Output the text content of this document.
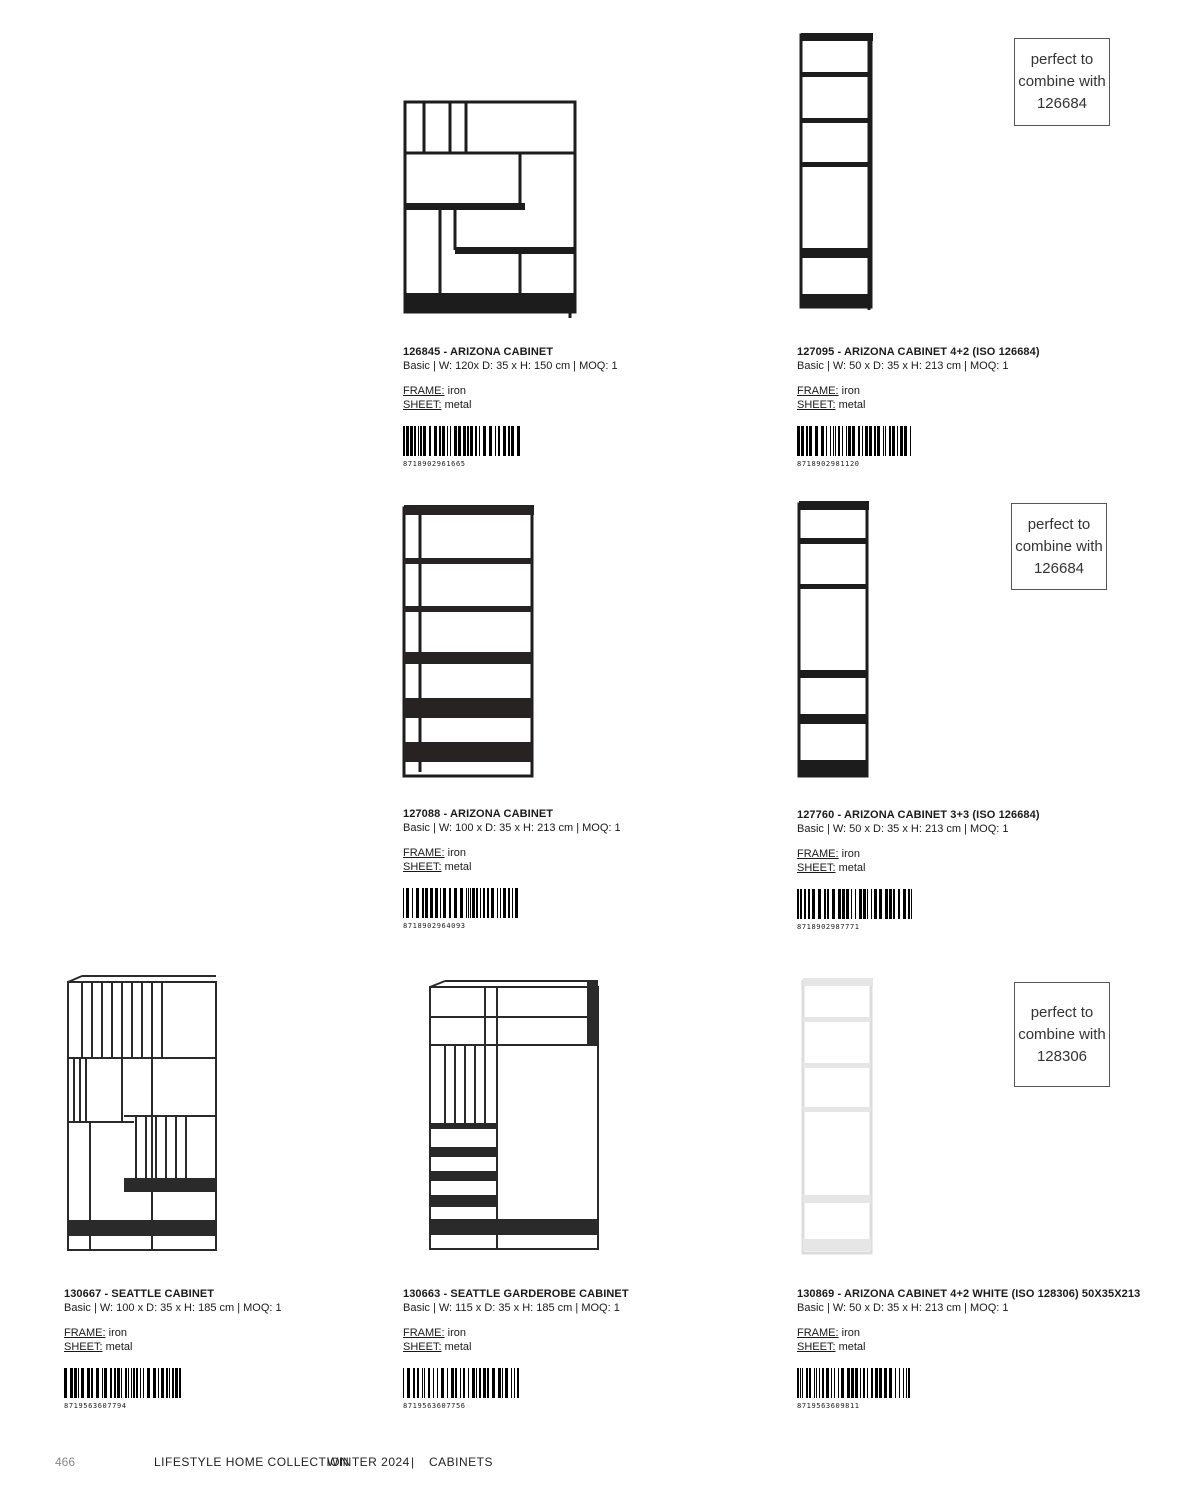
perfect to
combine with
126684
perfect to
combine with
126684
perfect to
combine with
128306
126845 - ARIZONA CABINET
Basic | W: 120x D: 35 x H: 150 cm | MOQ: 1
FRAME: iron
SHEET: metal
8718902961665
127095 - ARIZONA CABINET 4+2 (ISO 126684)
Basic | W: 50 x D: 35 x H: 213 cm | MOQ: 1
FRAME: iron
SHEET: metal
8718902981120
127088 - ARIZONA CABINET
Basic | W: 100 x D: 35 x H: 213 cm | MOQ: 1
FRAME: iron
SHEET: metal
8718902964093
127760 - ARIZONA CABINET 3+3 (ISO 126684)
Basic | W: 50 x D: 35 x H: 213 cm | MOQ: 1
FRAME: iron
SHEET: metal
8718902987771
130667 - SEATTLE CABINET
Basic | W: 100 x D: 35 x H: 185 cm | MOQ: 1
FRAME: iron
SHEET: metal
8719563607794
130663 - SEATTLE GARDEROBE CABINET
Basic | W: 115 x D: 35 x H: 185 cm | MOQ: 1
FRAME: iron
SHEET: metal
8719563607756
130869 - ARIZONA CABINET 4+2 WHITE (ISO 128306) 50X35X213
Basic | W: 50 x D: 35 x H: 213 cm | MOQ: 1
FRAME: iron
SHEET: metal
8719563609811
466	LIFESTYLE HOME COLLECTION
WINTER 2024 | CABINETS
